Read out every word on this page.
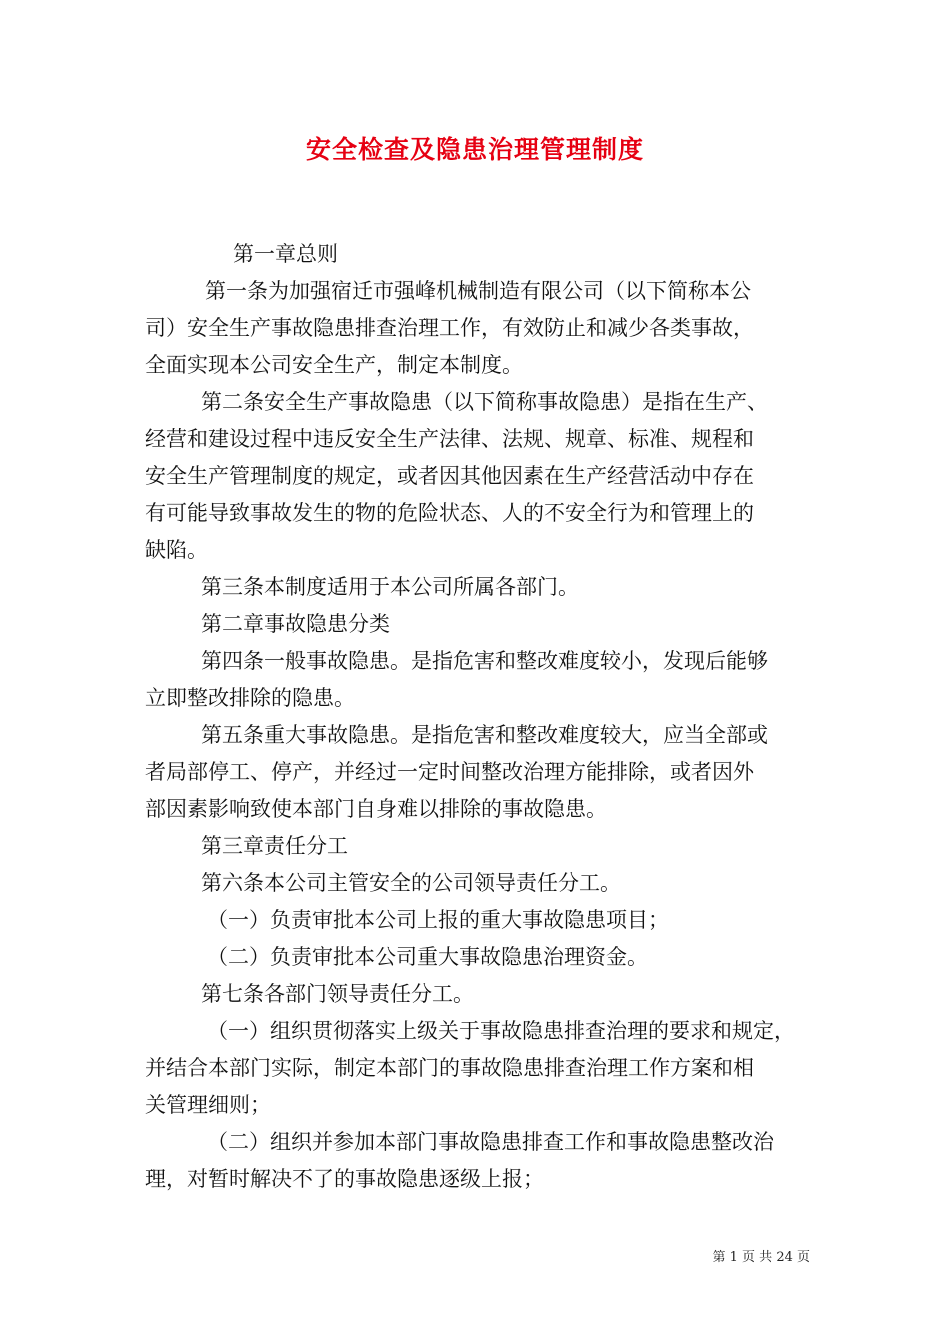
安全检查及隐患治理管理制度
第一章总则
第一条为加强宿迁市强峰机械制造有限公司（以下简称本公
司）安全生产事故隐患排查治理工作，有效防止和减少各类事故，
全面实现本公司安全生产，制定本制度。
第二条安全生产事故隐患（以下简称事故隐患）是指在生产、
经营和建设过程中违反安全生产法律、法规、规章、标准、规程和
安全生产管理制度的规定，或者因其他因素在生产经营活动中存在
有可能导致事故发生的物的危险状态、人的不安全行为和管理上的
缺陷。
第三条本制度适用于本公司所属各部门。
第二章事故隐患分类
第四条一般事故隐患。是指危害和整改难度较小，发现后能够
立即整改排除的隐患。
第五条重大事故隐患。是指危害和整改难度较大，应当全部或
者局部停工、停产，并经过一定时间整改治理方能排除，或者因外
部因素影响致使本部门自身难以排除的事故隐患。
第三章责任分工
第六条本公司主管安全的公司领导责任分工。
（一）负责审批本公司上报的重大事故隐患项目；
（二）负责审批本公司重大事故隐患治理资金。
第七条各部门领导责任分工。
（一）组织贯彻落实上级关于事故隐患排查治理的要求和规定，
并结合本部门实际，制定本部门的事故隐患排查治理工作方案和相
关管理细则；
（二）组织并参加本部门事故隐患排查工作和事故隐患整改治
理，对暂时解决不了的事故隐患逐级上报；
第 1 页 共 24 页
